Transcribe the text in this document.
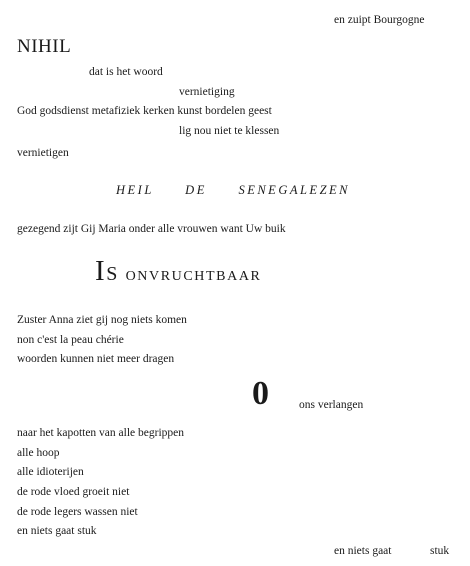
en zuipt Bourgogne
NIHIL
dat is het woord
vernietiging
God godsdienst metafiziek kerken kunst bordelen geest
lig nou niet te klessen
vernietigen
HEIL DE SENEGALEZEN
gezegend zijt Gij Maria onder alle vrouwen want Uw buik
Is onvruchtbaar
Zuster Anna ziet gij nog niets komen
non c'est la peau chérie
woorden kunnen niet meer dragen
0	ons verlangen
naar het kapotten van alle begrippen
alle hoop
alle idioterijen
de rode vloed groeit niet
de rode legers wassen niet
en niets gaat stuk
en niets gaat	stuk
